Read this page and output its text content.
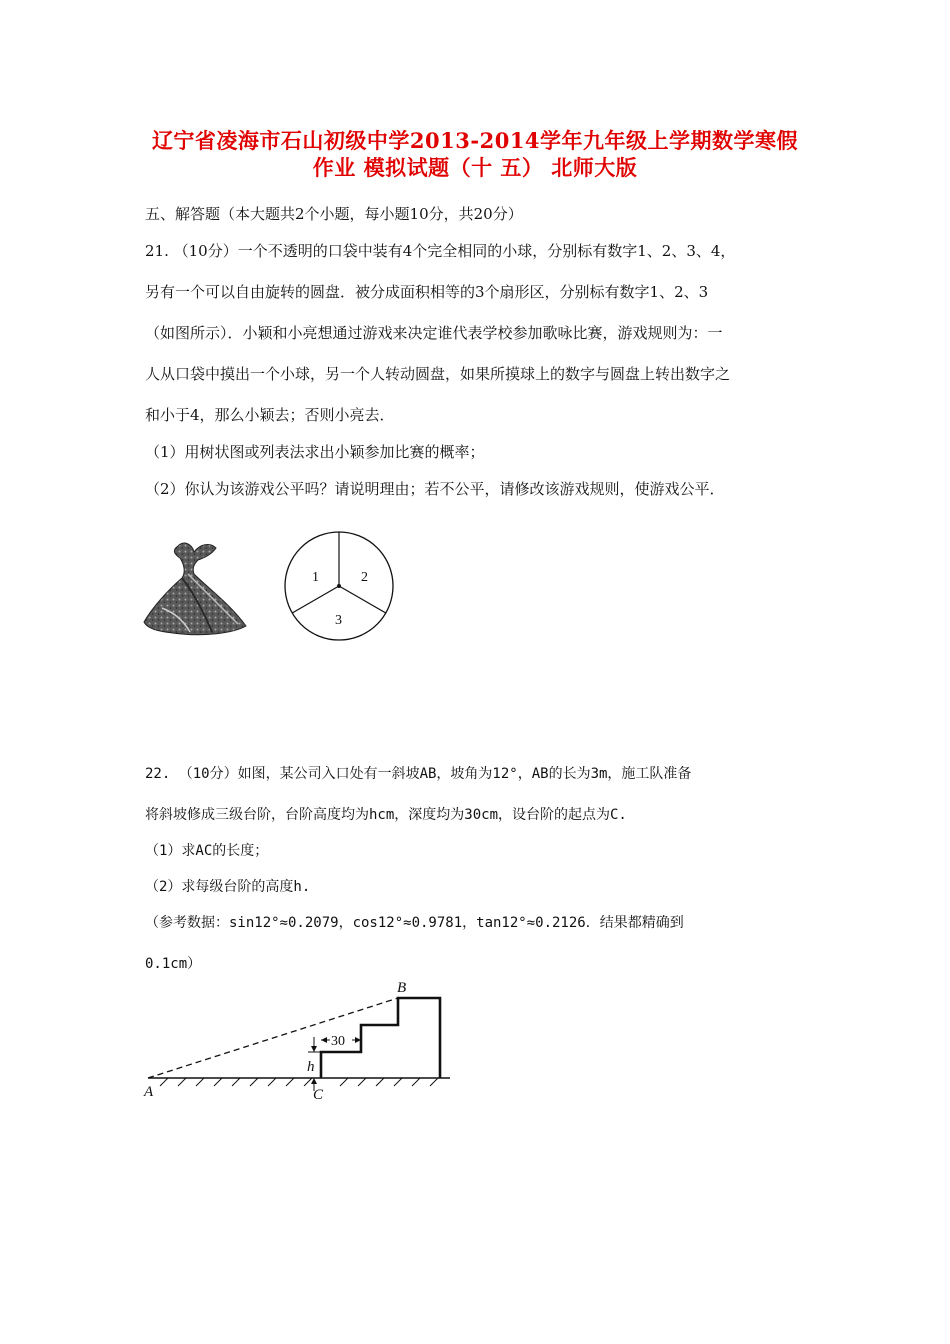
辽宁省凌海市石山初级中学2013-2014学年九年级上学期数学寒假
作业 模拟试题（十 五） 北师大版
五、解答题（本大题共2个小题，每小题10分，共20分）
21. （10分）一个不透明的口袋中装有4个完全相同的小球，分别标有数字1、2、3、4，
另有一个可以自由旋转的圆盘．被分成面积相等的3个扇形区，分别标有数字1、2、3
（如图所示）．小颖和小亮想通过游戏来决定谁代表学校参加歌咏比赛，游戏规则为：一
人从口袋中摸出一个小球，另一个人转动圆盘，如果所摸球上的数字与圆盘上转出数字之
和小于4，那么小颖去；否则小亮去．
（1）用树状图或列表法求出小颖参加比赛的概率；
（2）你认为该游戏公平吗？请说明理由；若不公平，请修改该游戏规则，使游戏公平．
1	2
3
22. （10分）如图，某公司入口处有一斜坡AB，坡角为12°，AB的长为3m，施工队准备
将斜坡修成三级台阶，台阶高度均为hcm，深度均为30cm，设台阶的起点为C.
（1）求AC的长度；
（2）求每级台阶的高度h.
（参考数据：sin12°≈0.2079，cos12°≈0.9781，tan12°≈0.2126．结果都精确到
0.1cm）
30
h
A
B
C
